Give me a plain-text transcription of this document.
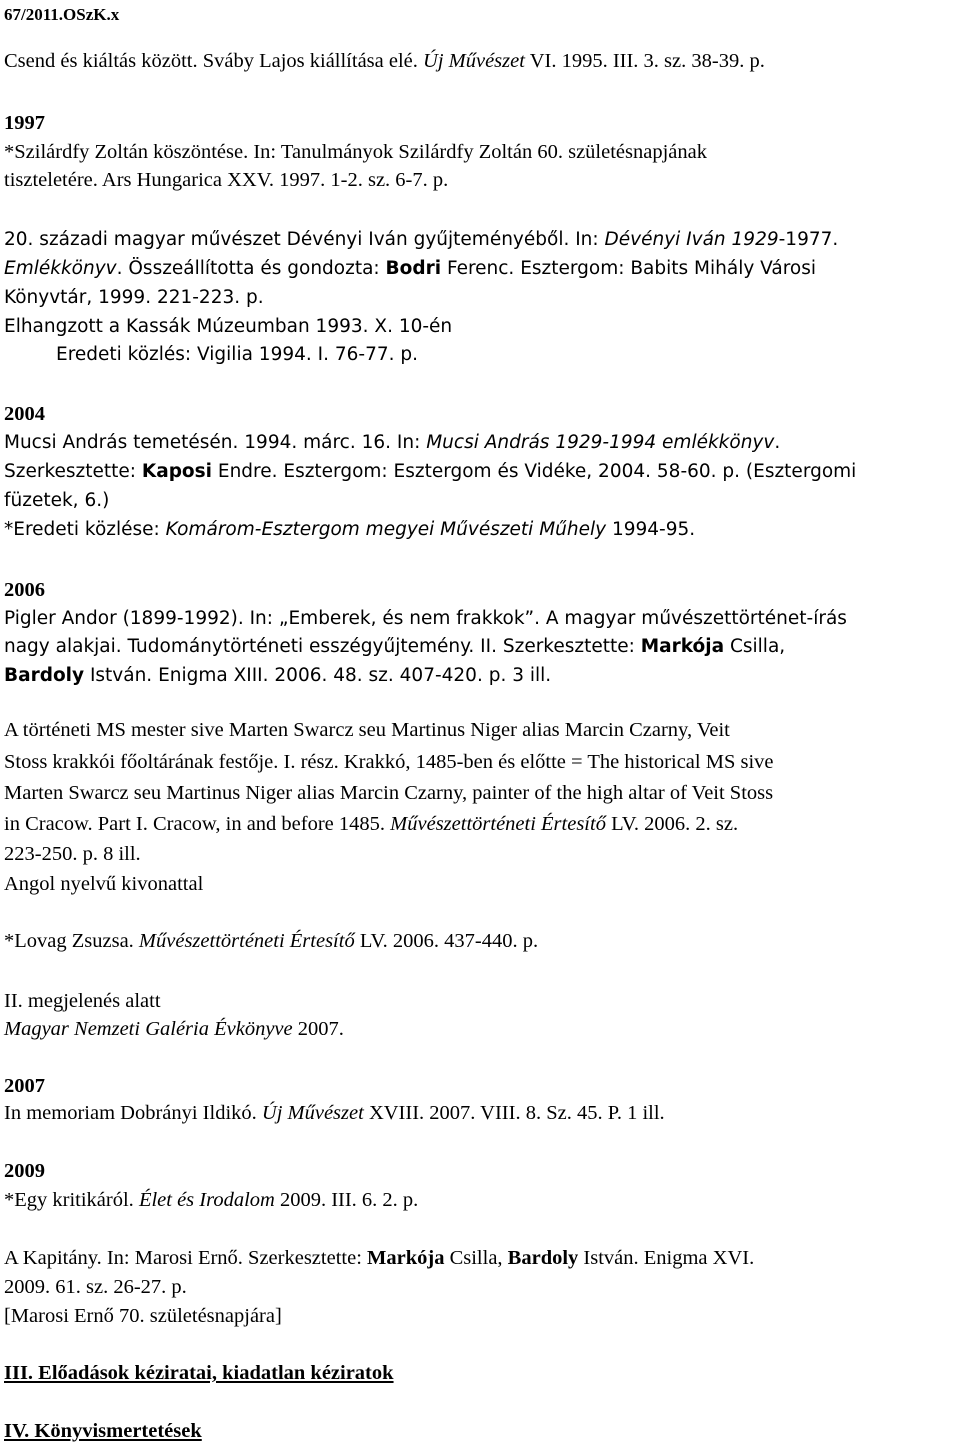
67/2011.OSzK.x
Csend és kiáltás között. Sváby Lajos kiállítása elé. Új Művészet VI. 1995. III. 3. sz. 38-39. p.
1997
*Szilárdfy Zoltán köszöntése. In: Tanulmányok Szilárdfy Zoltán 60. születésnapjának
tiszteletére. Ars Hungarica XXV. 1997. 1-2. sz. 6-7. p.
20. századi magyar művészet Dévényi Iván gyűjteményéből. In: Dévényi Iván 1929-1977.
Emlékkönyv. Összeállította és gondozta: Bodri Ferenc. Esztergom: Babits Mihály Városi
Könyvtár, 1999. 221-223. p.
Elhangzott a Kassák Múzeumban 1993. X. 10-én
Eredeti közlés: Vigilia 1994. I. 76-77. p.
2004
Mucsi András temetésén. 1994. márc. 16. In: Mucsi András 1929-1994 emlékkönyv.
Szerkesztette: Kaposi Endre. Esztergom: Esztergom és Vidéke, 2004. 58-60. p. (Esztergomi
füzetek, 6.)
*Eredeti közlése: Komárom-Esztergom megyei Művészeti Műhely 1994-95.
2006
Pigler Andor (1899-1992). In: „Emberek, és nem frakkok”. A magyar művészettörténet-írás
nagy alakjai. Tudománytörténeti esszégyűjtemény. II. Szerkesztette: Markója Csilla,
Bardoly István. Enigma XIII. 2006. 48. sz. 407-420. p. 3 ill.
A történeti MS mester sive Marten Swarcz seu Martinus Niger alias Marcin Czarny, Veit
Stoss krakkói főoltárának festője. I. rész. Krakkó, 1485-ben és előtte = The historical MS sive
Marten Swarcz seu Martinus Niger alias Marcin Czarny, painter of the high altar of Veit Stoss
in Cracow. Part I. Cracow, in and before 1485. Művészettörténeti Értesítő LV. 2006. 2. sz.
223-250. p. 8 ill.
Angol nyelvű kivonattal
*Lovag Zsuzsa. Művészettörténeti Értesítő LV. 2006. 437-440. p.
II. megjelenés alatt
Magyar Nemzeti Galéria Évkönyve 2007.
2007
In memoriam Dobrányi Ildikó. Új Művészet XVIII. 2007. VIII. 8. Sz. 45. P. 1 ill.
2009
*Egy kritikáról. Élet és Irodalom 2009. III. 6. 2. p.
A Kapitány. In: Marosi Ernő. Szerkesztette: Markója Csilla, Bardoly István. Enigma XVI.
2009. 61. sz. 26-27. p.
[Marosi Ernő 70. születésnapjára]
III. Előadások kéziratai, kiadatlan kéziratok
IV. Könyvismertetések
